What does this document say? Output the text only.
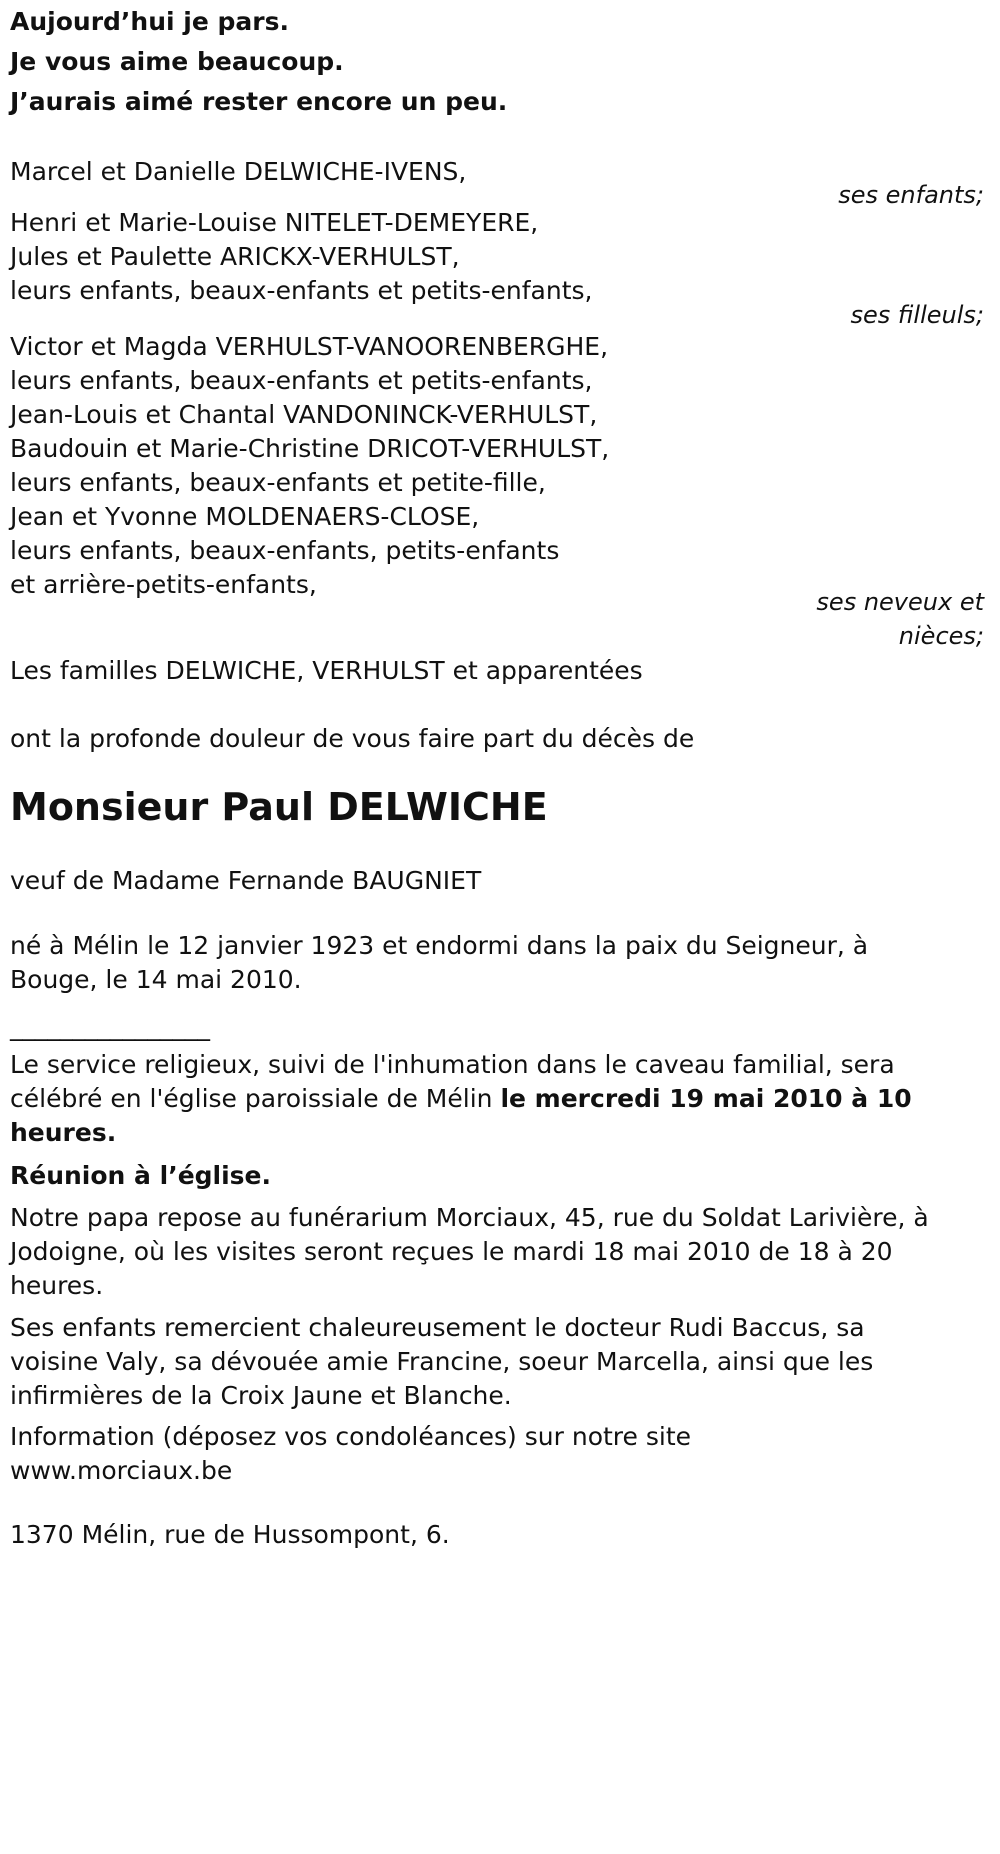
Aujourd’hui je pars.
Je vous aime beaucoup.
J’aurais aimé rester encore un peu.
Marcel et Danielle DELWICHE-IVENS,
ses enfants;
Henri et Marie-Louise NITELET-DEMEYERE,
Jules et Paulette ARICKX-VERHULST,
leurs enfants, beaux-enfants et petits-enfants,
ses filleuls;
Victor et Magda VERHULST-VANOORENBERGHE,
leurs enfants, beaux-enfants et petits-enfants,
Jean-Louis et Chantal VANDONINCK-VERHULST,
Baudouin et Marie-Christine DRICOT-VERHULST,
leurs enfants, beaux-enfants et petite-fille,
Jean et Yvonne MOLDENAERS-CLOSE,
leurs enfants, beaux-enfants, petits-enfants
et arrière-petits-enfants,
ses neveux et
nièces;
Les familles DELWICHE, VERHULST et apparentées
ont la profonde douleur de vous faire part du décès de
Monsieur Paul DELWICHE
veuf de Madame Fernande BAUGNIET
né à Mélin le 12 janvier 1923 et endormi dans la paix du Seigneur, à Bouge, le 14 mai 2010.
________________
Le service religieux, suivi de l'inhumation dans le caveau familial, sera célébré en l'église paroissiale de Mélin le mercredi 19 mai 2010 à 10 heures.
Réunion à l’église.
Notre papa repose au funérarium Morciaux, 45, rue du Soldat Larivière, à Jodoigne, où les visites seront reçues le mardi 18 mai 2010 de 18 à 20 heures.
Ses enfants remercient chaleureusement le docteur Rudi Baccus, sa voisine Valy, sa dévouée amie Francine, soeur Marcella, ainsi que les infirmières de la Croix Jaune et Blanche.
Information (déposez vos condoléances) sur notre site
www.morciaux.be
1370 Mélin, rue de Hussompont, 6.
